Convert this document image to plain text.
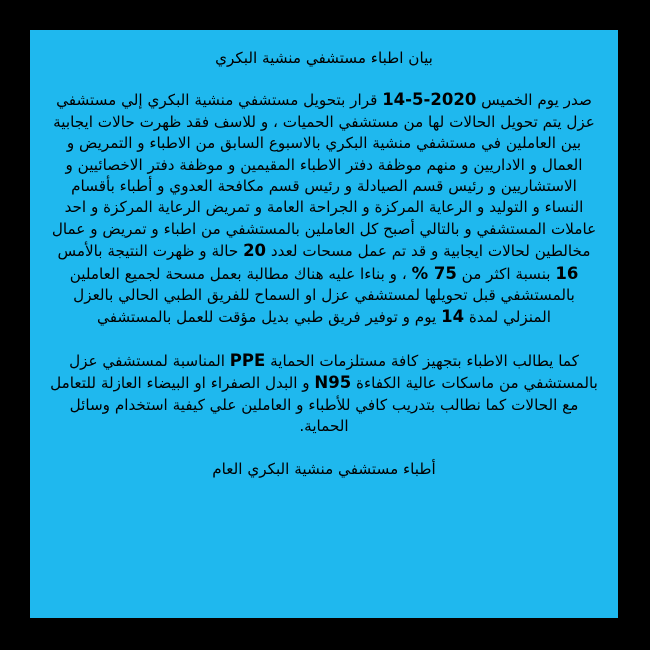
بيان اطباء مستشفي منشية البكري

صدر يوم الخميس 2020-5-14 قرار بتحويل مستشفي منشية البكري إلي مستشفي عزل يتم تحويل الحالات لها من مستشفي الحميات ، و للاسف فقد ظهرت حالات ايجابية بين العاملين في مستشفي منشية البكري بالاسبوع السابق من الاطباء و التمريض و العمال و الاداريين و منهم موظفة دفتر الاطباء المقيمين و موظفة دفتر الاخصائيين و الاستشاريين و رئيس قسم الصيادلة و رئيس قسم مكافحة العدوي و أطباء بأقسام النساء و التوليد و الرعاية المركزة و الجراحة العامة و تمريض الرعاية المركزة و احد عاملات المستشفي و بالتالي أصبح كل العاملين بالمستشفي من اطباء و تمريض و عمال مخالطين لحالات ايجابية و قد تم عمل مسحات لعدد 20 حالة و ظهرت النتيجة بالأمس 16 بنسبة اكثر من 75 % ، و بناءا عليه هناك مطالبة بعمل مسحة لجميع العاملين بالمستشفي قبل تحويلها لمستشفي عزل او السماح للفريق الطبي الحالي بالعزل المنزلي لمدة 14 يوم و توفير فريق طبي بديل مؤقت للعمل بالمستشفي

كما يطالب الاطباء بتجهيز كافة مستلزمات الحماية PPE المناسبة لمستشفي عزل بالمستشفي من ماسكات عالية الكفاءة N95 و البدل الصفراء او البيضاء العازلة للتعامل مع الحالات كما نطالب بتدريب كافي للأطباء و العاملين علي كيفية استخدام وسائل الحماية.

أطباء مستشفي منشية البكري العام
